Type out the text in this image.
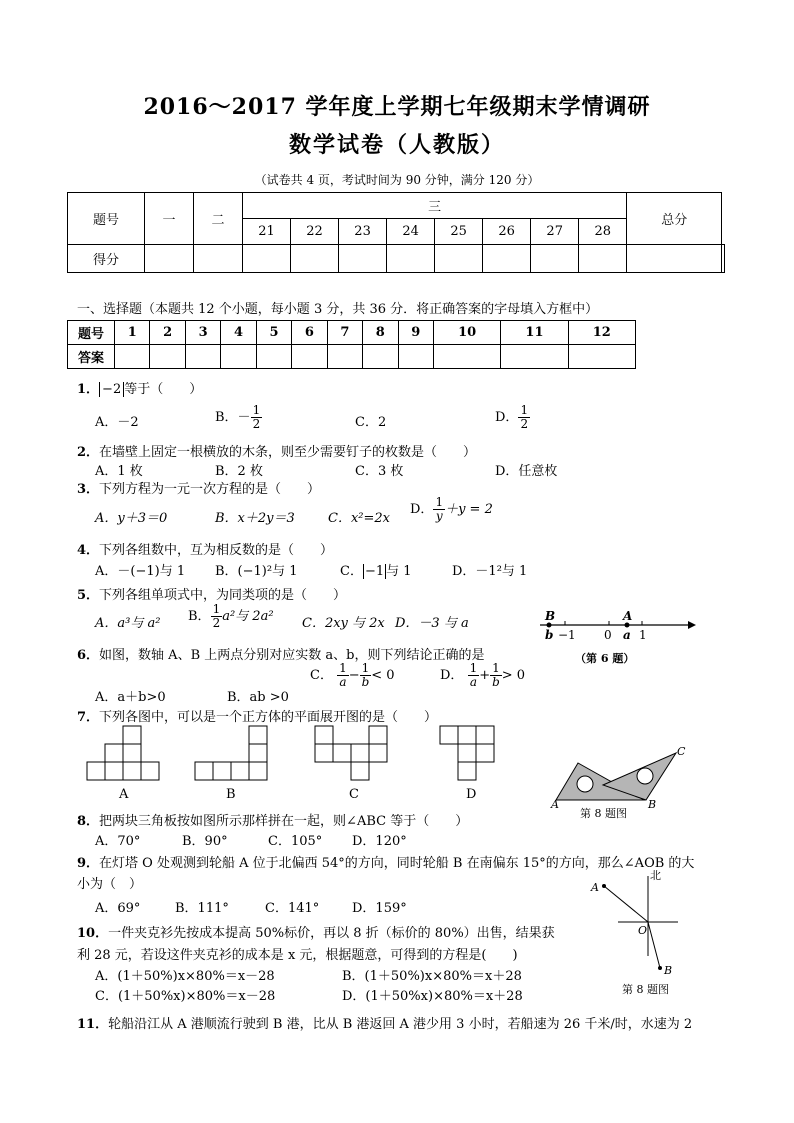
2016～2017 学年度上学期七年级期末学情调研
数学试卷（人教版）
（试卷共 4 页，考试时间为 90 分钟，满分 120 分）
题号	一	二	三								总分	
			21	22	23	24	25	26	27	28		
得分												
一、选择题（本题共 12 个小题，每小题 3 分，共 36 分．将正确答案的字母填入方框中）
题号	1	2	3	4	5	6	7	8	9	10	11	12
答案												
1． −2 等于（　　）
A．－2	B．－ $\frac{1}{2}$	C．2	D． $\frac{1}{2}$
2．在墙壁上固定一根横放的木条，则至少需要钉子的枚数是（　　）
A．1 枚	B．2 枚	C．3 枚	D．任意枚
3．下列方程为一元一次方程的是（　　）
A．y＋3＝0	B．x＋2y＝3	C．x²=2x
D． $\frac{1}{y} +y = 2$
4．下列各组数中，互为相反数的是（　　）
A．－(−1)与 1 B．(−1)²与 1	C． −1 与 1	D．－1²与 1
5．下列各组单项式中，为同类项的是（　　）
A．a³与 a² B． $\frac{1}{2} a^2$与 2a² C．2xy 与 2x D．－3 与 a
6．如图，数轴 A、B 上两点分别对应实数 a、b，则下列结论正确的是
A．a＋b>0	B．ab >0
C． $\frac{1}{a} - \frac{1}{b} < 0$	D． $\frac{1}{a} + \frac{1}{b} > 0$
B
b −1 0
A
a 1
（第 6 题）
7．下列各图中，可以是一个正方体的平面展开图的是（　　）
A	B	C	D
A	B
C
第 8 题图
8．把两块三角板按如图所示那样拼在一起，则∠ABC 等于（　　）
A．70°	B．90°	C．105° D．120°
9．在灯塔 O 处观测到轮船 A 位于北偏西 54°的方向，同时轮船 B 在南偏东 15°的方向，那么∠AOB 的大
小为（　）
A．69°	B．111°	C．141°	D．159°
北
A
O
B
第 8 题图
10．一件夹克衫先按成本提高 50%标价，再以 8 折（标价的 80%）出售，结果获
利 28 元，若设这件夹克衫的成本是 x 元，根据题意，可得到的方程是(　　)
A．(1＋50%)x×80%＝x－28	B．(1＋50%)x×80%＝x＋28
C．(1＋50%x)×80%＝x－28	D．(1＋50%x)×80%＝x＋28
11．轮船沿江从 A 港顺流行驶到 B 港，比从 B 港返回 A 港少用 3 小时，若船速为 26 千米/时，水速为 2
